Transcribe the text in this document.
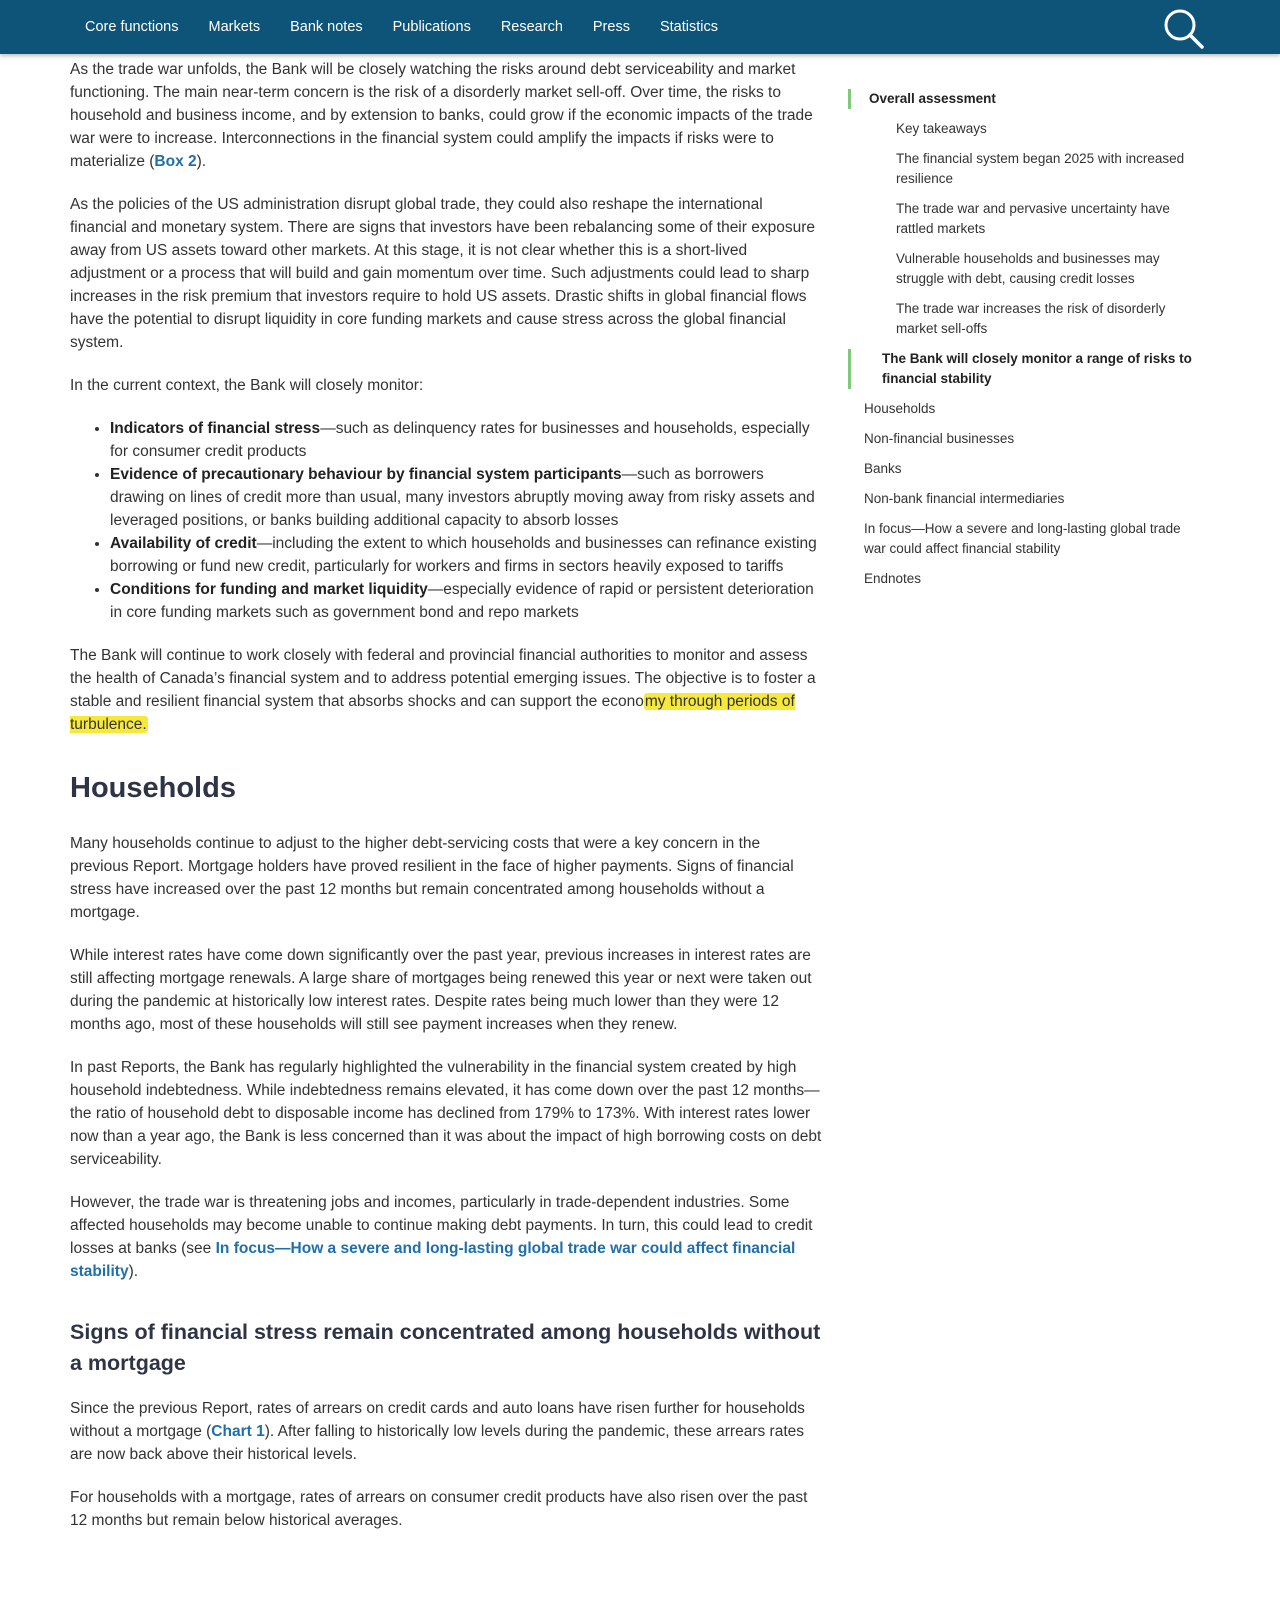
Core functions	Markets	Bank notes	Publications	Research	Press	Statistics

As the trade war unfolds, the Bank will be closely watching the risks around debt serviceability and market functioning. The main near-term concern is the risk of a disorderly market sell-off. Over time, the risks to household and business income, and by extension to banks, could grow if the economic impacts of the trade war were to increase. Interconnections in the financial system could amplify the impacts if risks were to materialize (Box 2).

As the policies of the US administration disrupt global trade, they could also reshape the international financial and monetary system. There are signs that investors have been rebalancing some of their exposure away from US assets toward other markets. At this stage, it is not clear whether this is a short-lived adjustment or a process that will build and gain momentum over time. Such adjustments could lead to sharp increases in the risk premium that investors require to hold US assets. Drastic shifts in global financial flows have the potential to disrupt liquidity in core funding markets and cause stress across the global financial system.

In the current context, the Bank will closely monitor:

• Indicators of financial stress—such as delinquency rates for businesses and households, especially for consumer credit products
• Evidence of precautionary behaviour by financial system participants—such as borrowers drawing on lines of credit more than usual, many investors abruptly moving away from risky assets and leveraged positions, or banks building additional capacity to absorb losses
• Availability of credit—including the extent to which households and businesses can refinance existing borrowing or fund new credit, particularly for workers and firms in sectors heavily exposed to tariffs
• Conditions for funding and market liquidity—especially evidence of rapid or persistent deterioration in core funding markets such as government bond and repo markets

The Bank will continue to work closely with federal and provincial financial authorities to monitor and assess the health of Canada’s financial system and to address potential emerging issues. The objective is to foster a stable and resilient financial system that absorbs shocks and can support the economy through periods of turbulence.

Households

Many households continue to adjust to the higher debt-servicing costs that were a key concern in the previous Report. Mortgage holders have proved resilient in the face of higher payments. Signs of financial stress have increased over the past 12 months but remain concentrated among households without a mortgage.

While interest rates have come down significantly over the past year, previous increases in interest rates are still affecting mortgage renewals. A large share of mortgages being renewed this year or next were taken out during the pandemic at historically low interest rates. Despite rates being much lower than they were 12 months ago, most of these households will still see payment increases when they renew.

In past Reports, the Bank has regularly highlighted the vulnerability in the financial system created by high household indebtedness. While indebtedness remains elevated, it has come down over the past 12 months—the ratio of household debt to disposable income has declined from 179% to 173%. With interest rates lower now than a year ago, the Bank is less concerned than it was about the impact of high borrowing costs on debt serviceability.

However, the trade war is threatening jobs and incomes, particularly in trade-dependent industries. Some affected households may become unable to continue making debt payments. In turn, this could lead to credit losses at banks (see In focus—How a severe and long-lasting global trade war could affect financial stability).

Signs of financial stress remain concentrated among households without a mortgage

Since the previous Report, rates of arrears on credit cards and auto loans have risen further for households without a mortgage (Chart 1). After falling to historically low levels during the pandemic, these arrears rates are now back above their historical levels.

For households with a mortgage, rates of arrears on consumer credit products have also risen over the past 12 months but remain below historical averages.

Overall assessment
Key takeaways
The financial system began 2025 with increased resilience
The trade war and pervasive uncertainty have rattled markets
Vulnerable households and businesses may struggle with debt, causing credit losses
The trade war increases the risk of disorderly market sell-offs
The Bank will closely monitor a range of risks to financial stability
Households
Non-financial businesses
Banks
Non-bank financial intermediaries
In focus—How a severe and long-lasting global trade war could affect financial stability
Endnotes
